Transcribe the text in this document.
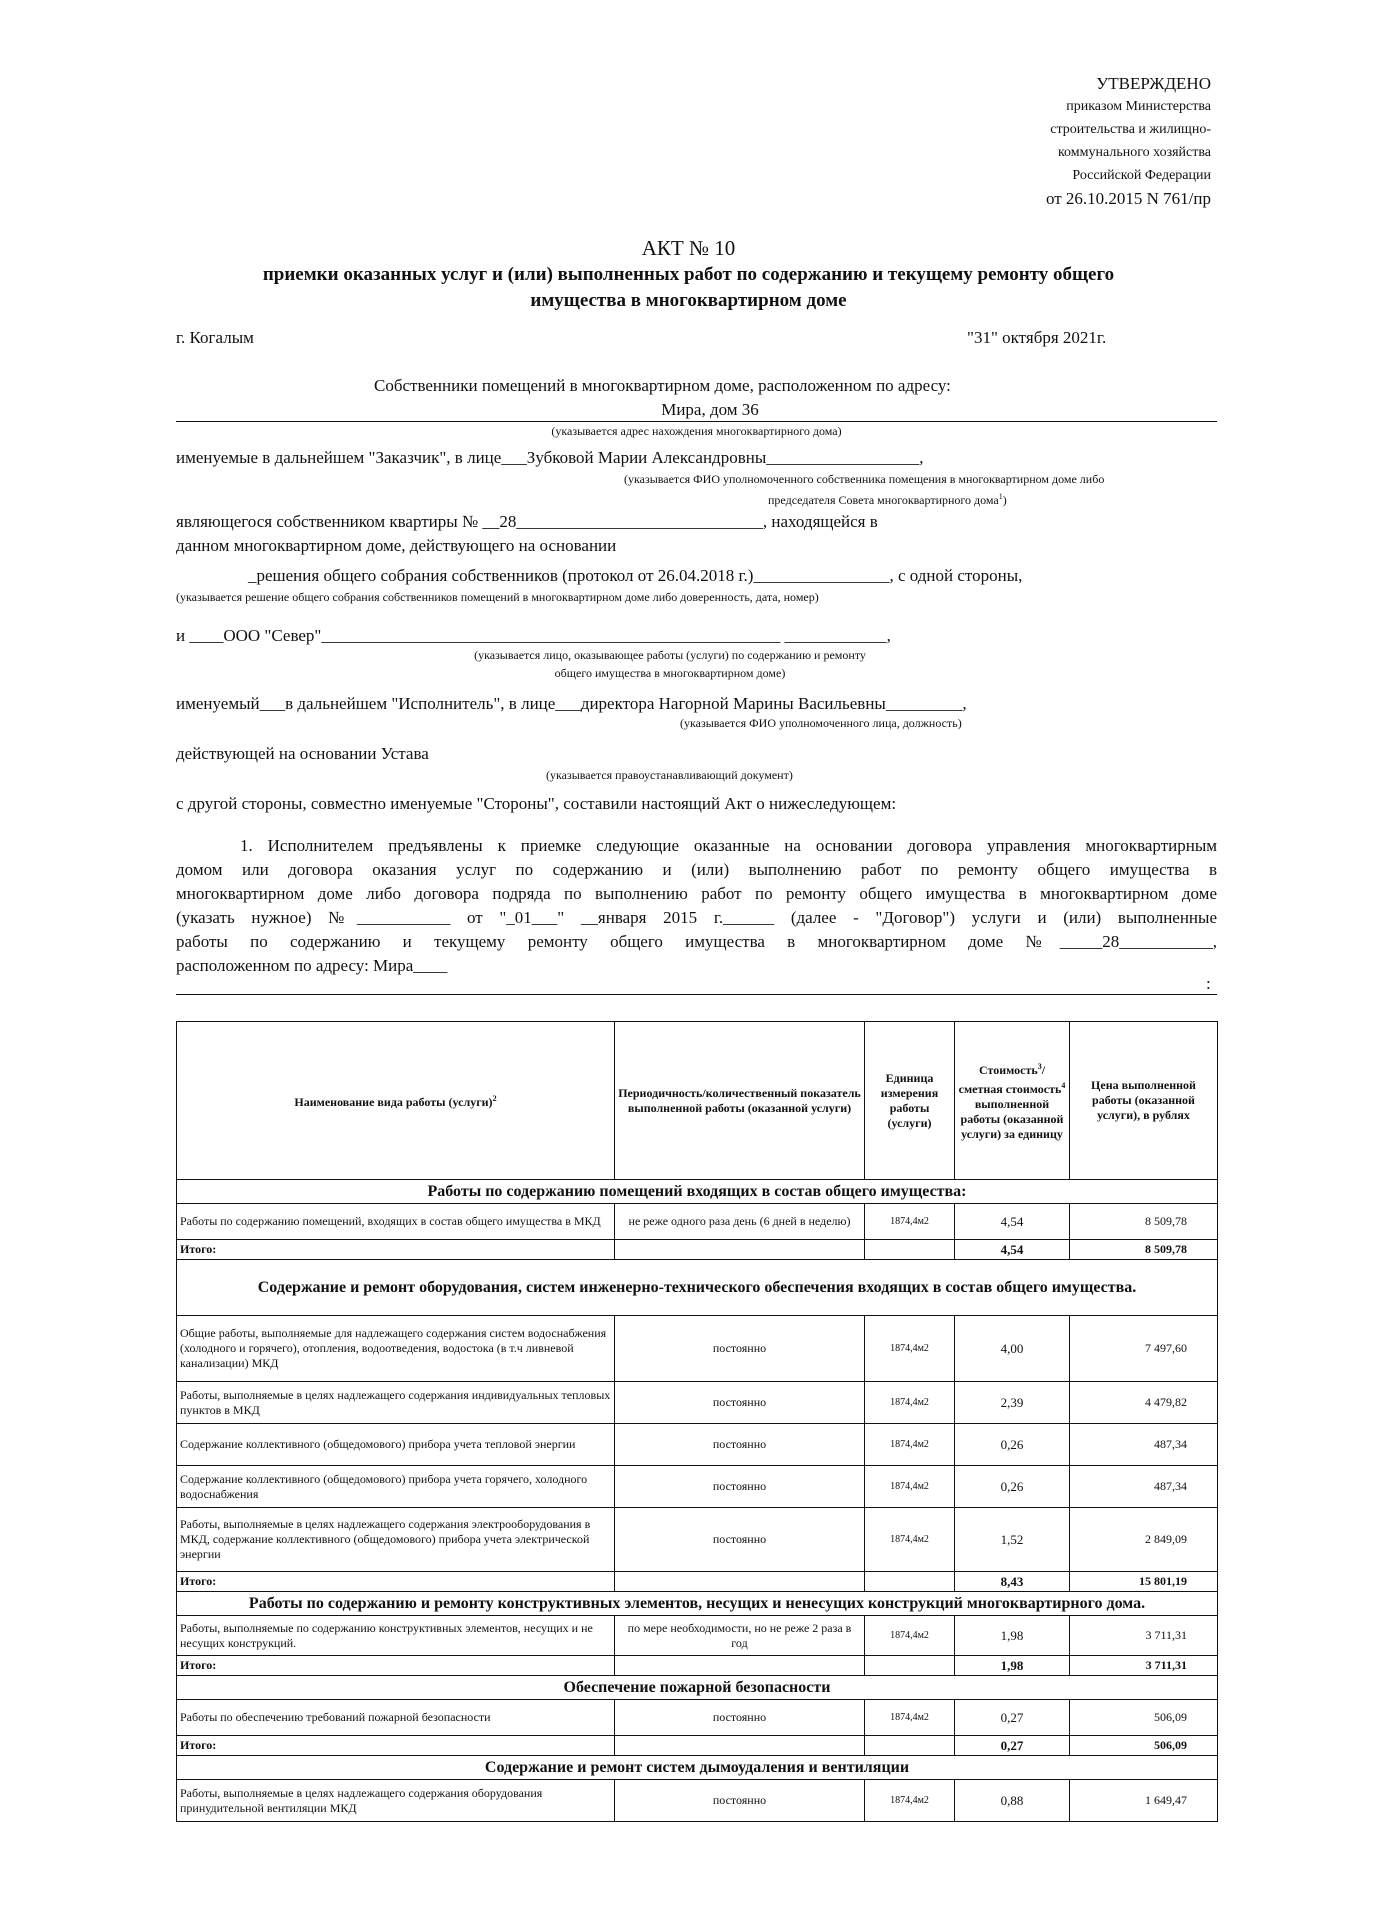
УТВЕРЖДЕНО
приказом Министерства
строительства и жилищно-
коммунального хозяйства
Российской Федерации
от 26.10.2015 N 761/пр
АКТ № 10
приемки оказанных услуг и (или) выполненных работ по содержанию и текущему ремонту общего
имущества в многоквартирном доме
г. Когалым	"31" октября 2021г.
Собственники помещений в многоквартирном доме, расположенном по адресу:
Мира, дом 36
(указывается адрес нахождения многоквартирного дома)
именуемые в дальнейшем "Заказчик", в лице___Зубковой Марии Александровны__________________,
(указывается ФИО уполномоченного собственника помещения в многоквартирном доме либо
председателя Совета многоквартирного дома$^1$)
являющегося собственником квартиры № __28_____________________________, находящейся в
данном многоквартирном доме, действующего на основании
_решения общего собрания собственников (протокол от 26.04.2018 г.)________________, с одной стороны,
(указывается решение общего собрания собственников помещений в многоквартирном доме либо доверенность, дата, номер)
и ____ООО "Север"______________________________________________________ ____________,
(указывается лицо, оказывающее работы (услуги) по содержанию и ремонту
общего имущества в многоквартирном доме)
именуемый___в дальнейшем "Исполнитель", в лице___директора Нагорной Марины Васильевны_________,
(указывается ФИО уполномоченного лица, должность)
действующей на основании Устава
(указывается правоустанавливающий документ)
с другой стороны, совместно именуемые "Стороны", составили настоящий Акт о нижеследующем:
1. Исполнителем предъявлены к приемке следующие оказанные на основании договора управления многоквартирным
домом или договора оказания услуг по содержанию и (или) выполнению работ по ремонту общего имущества в
многоквартирном доме либо договора подряда по выполнению работ по ремонту общего имущества в многоквартирном доме
(указать нужное) №___________ от "_01___" __января 2015 г.______ (далее - "Договор") услуги и (или) выполненные
работы по содержанию и текущему ремонту общего имущества в многоквартирном доме №_____28___________,
расположенном по адресу: Мира____
:
Наименование вида работы (услуги)$^2$	Периодичность/количественный показатель выполненной работы (оказанной услуги)	Единица измерения работы (услуги)	Стоимость$^3$/сметная стоимость$^4$ выполненной работы (оказанной услуги) за единицу	Цена выполненной работы (оказанной услуги), в рублях
Работы по содержанию помещений входящих в состав общего имущества:				
Работы по содержанию помещений, входящих в состав общего имущества в МКД	не реже одного раза день (6 дней в неделю)	1874,4м2	4,54	8 509,78
Итого:			4,54	8 509,78
Содержание и ремонт оборудования, систем инженерно-технического обеспечения входящих в состав общего имущества.				
Общие работы, выполняемые для надлежащего содержания систем водоснабжения (холодного и горячего), отопления, водоотведения, водостока (в т.ч ливневой канализации) МКД	постоянно	1874,4м2	4,00	7 497,60
Работы, выполняемые в целях надлежащего содержания индивидуальных тепловых пунктов в МКД	постоянно	1874,4м2	2,39	4 479,82
Содержание коллективного (общедомового) прибора учета тепловой энергии	постоянно	1874,4м2	0,26	487,34
Содержание коллективного (общедомового) прибора учета горячего, холодного водоснабжения	постоянно	1874,4м2	0,26	487,34
Работы, выполняемые в целях надлежащего содержания электрооборудования в МКД, содержание коллективного (общедомового) прибора учета электрической энергии	постоянно	1874,4м2	1,52	2 849,09
Итого:			8,43	15 801,19
Работы по содержанию и ремонту конструктивных элементов, несущих и ненесущих конструкций многоквартирного дома.				
Работы, выполняемые по содержанию конструктивных элементов, несущих и не несущих конструкций.	по мере необходимости, но не реже 2 раза в год	1874,4м2	1,98	3 711,31
Итого:			1,98	3 711,31
Обеспечение пожарной безопасности				
Работы по обеспечению требований пожарной безопасности	постоянно	1874,4м2	0,27	506,09
Итого:			0,27	506,09
Содержание и ремонт систем дымоудаления и вентиляции				
Работы, выполняемые в целях надлежащего содержания оборудования принудительной вентиляции МКД	постоянно	1874,4м2	0,88	1 649,47
